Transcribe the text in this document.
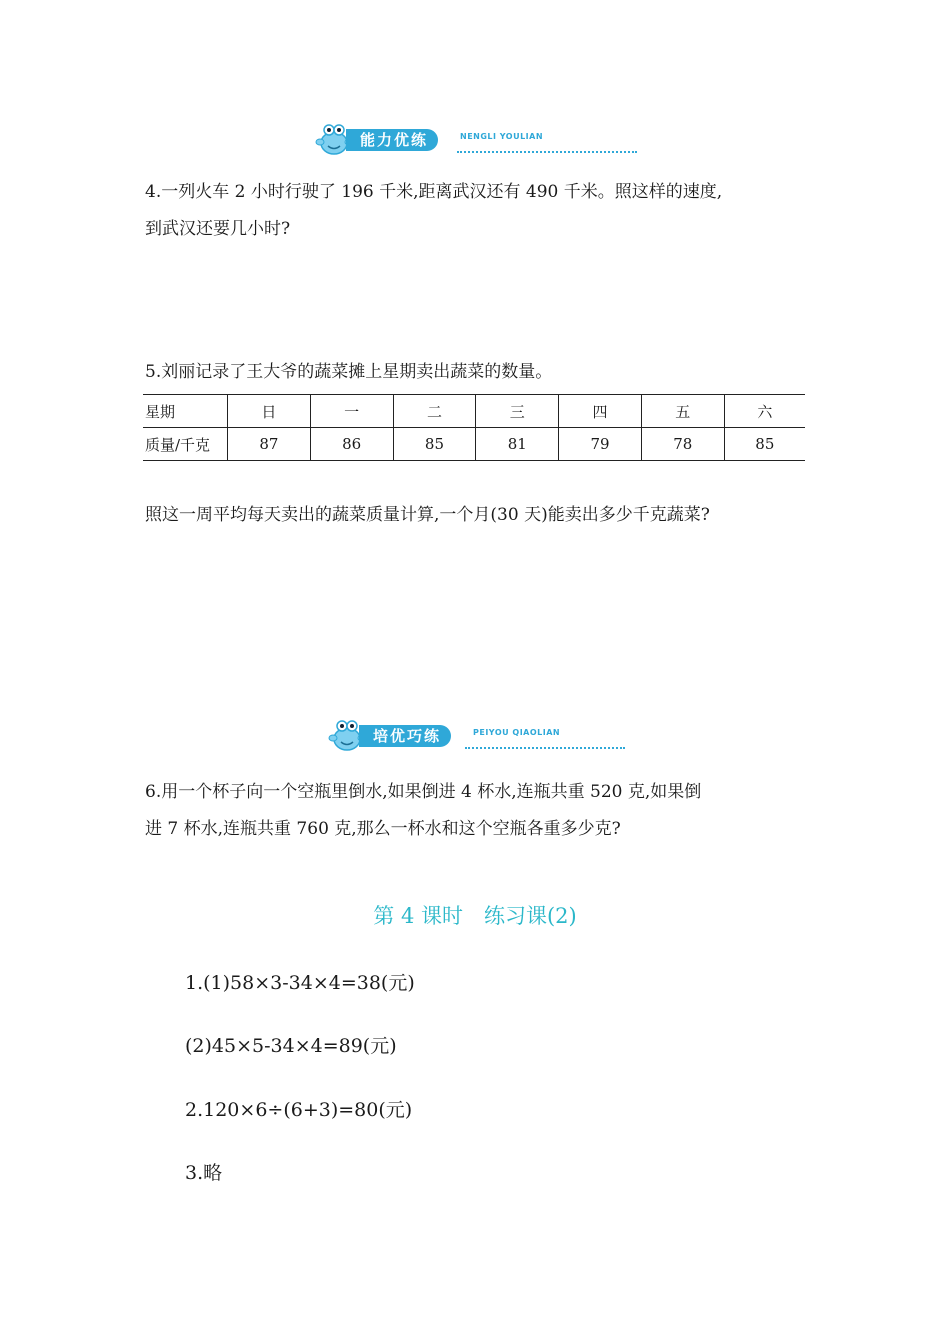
能力优练	NENGLI YOULIAN

4.一列火车 2 小时行驶了 196 千米,距离武汉还有 490 千米。照这样的速度,

到武汉还要几小时?

5.刘丽记录了王大爷的蔬菜摊上星期卖出蔬菜的数量。

星期	日	一	二	三	四	五	六
质量/千克	87	86	85	81	79	78	85

照这一周平均每天卖出的蔬菜质量计算,一个月(30 天)能卖出多少千克蔬菜?

培优巧练	PEIYOU QIAOLIAN

6.用一个杯子向一个空瓶里倒水,如果倒进 4 杯水,连瓶共重 520 克,如果倒

进 7 杯水,连瓶共重 760 克,那么一杯水和这个空瓶各重多少克?

第 4 课时　练习课(2)

1.(1)58×3-34×4=38(元)

(2)45×5-34×4=89(元)

2.120×6÷(6+3)=80(元)

3.略
